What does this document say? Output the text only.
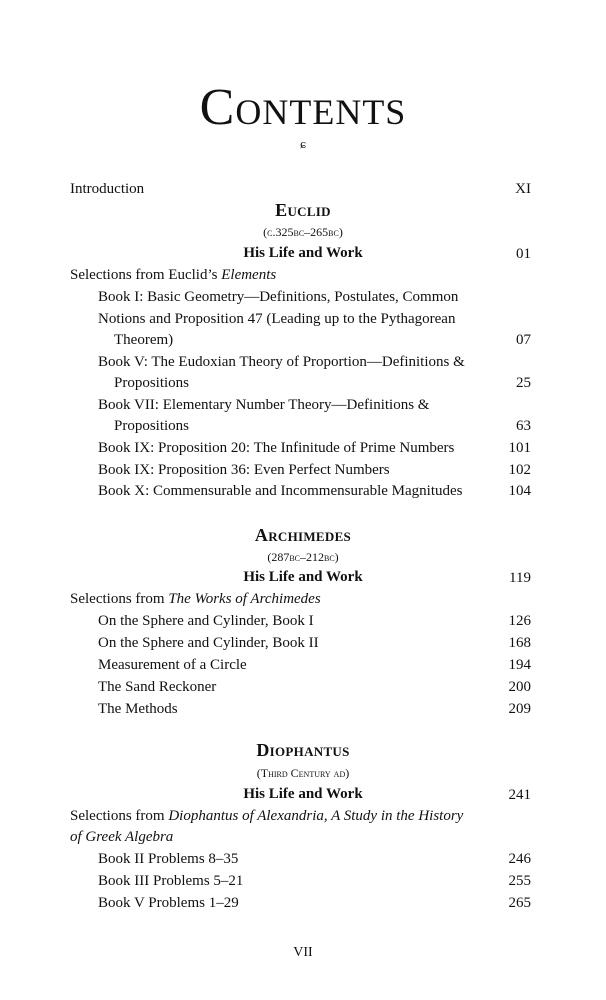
Contents
ɕ
Introduction	XI
Euclid
(c.325bc–265bc)
His Life and Work	01
Selections from Euclid’s Elements
Book I: Basic Geometry—Definitions, Postulates, Common
Notions and Proposition 47 (Leading up to the Pythagorean
Theorem)	07
Book V: The Eudoxian Theory of Proportion—Definitions &
Propositions	25
Book VII: Elementary Number Theory—Definitions &
Propositions	63
Book IX: Proposition 20: The Infinitude of Prime Numbers	101
Book IX: Proposition 36: Even Perfect Numbers	102
Book X: Commensurable and Incommensurable Magnitudes	104
Archimedes
(287bc–212bc)
His Life and Work	119
Selections from The Works of Archimedes
On the Sphere and Cylinder, Book I	126
On the Sphere and Cylinder, Book II	168
Measurement of a Circle	194
The Sand Reckoner	200
The Methods	209
Diophantus
(Third Century ad)
His Life and Work	241
Selections from Diophantus of Alexandria, A Study in the History
of Greek Algebra
Book II Problems 8–35	246
Book III Problems 5–21	255
Book V Problems 1–29	265
VII
